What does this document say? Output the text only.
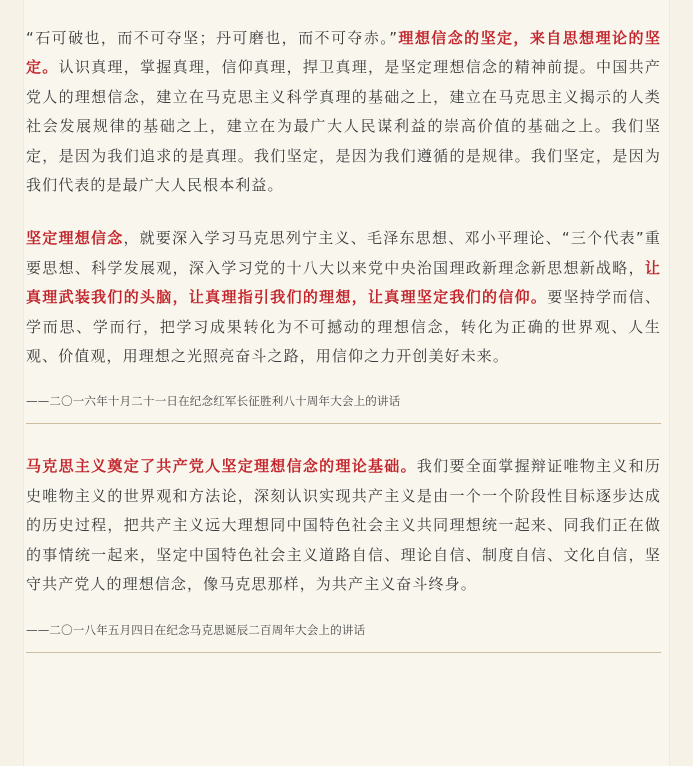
“石可破也，而不可夺坚；丹可磨也，而不可夺赤。”理想信念的坚定，来自思想理论的坚定。认识真理，掌握真理，信仰真理，捍卫真理，是坚定理想信念的精神前提。中国共产党人的理想信念，建立在马克思主义科学真理的基础之上，建立在马克思主义揭示的人类社会发展规律的基础之上，建立在为最广大人民谋利益的崇高价值的基础之上。我们坚定，是因为我们追求的是真理。我们坚定，是因为我们遵循的是规律。我们坚定，是因为我们代表的是最广大人民根本利益。

坚定理想信念，就要深入学习马克思列宁主义、毛泽东思想、邓小平理论、“三个代表”重要思想、科学发展观，深入学习党的十八大以来党中央治国理政新理念新思想新战略，让真理武装我们的头脑，让真理指引我们的理想，让真理坚定我们的信仰。要坚持学而信、学而思、学而行，把学习成果转化为不可撼动的理想信念，转化为正确的世界观、人生观、价值观，用理想之光照亮奋斗之路，用信仰之力开创美好未来。

——二〇一六年十月二十一日在纪念红军长征胜利八十周年大会上的讲话

马克思主义奠定了共产党人坚定理想信念的理论基础。我们要全面掌握辩证唯物主义和历史唯物主义的世界观和方法论，深刻认识实现共产主义是由一个一个阶段性目标逐步达成的历史过程，把共产主义远大理想同中国特色社会主义共同理想统一起来、同我们正在做的事情统一起来，坚定中国特色社会主义道路自信、理论自信、制度自信、文化自信，坚守共产党人的理想信念，像马克思那样，为共产主义奋斗终身。

——二〇一八年五月四日在纪念马克思诞辰二百周年大会上的讲话
